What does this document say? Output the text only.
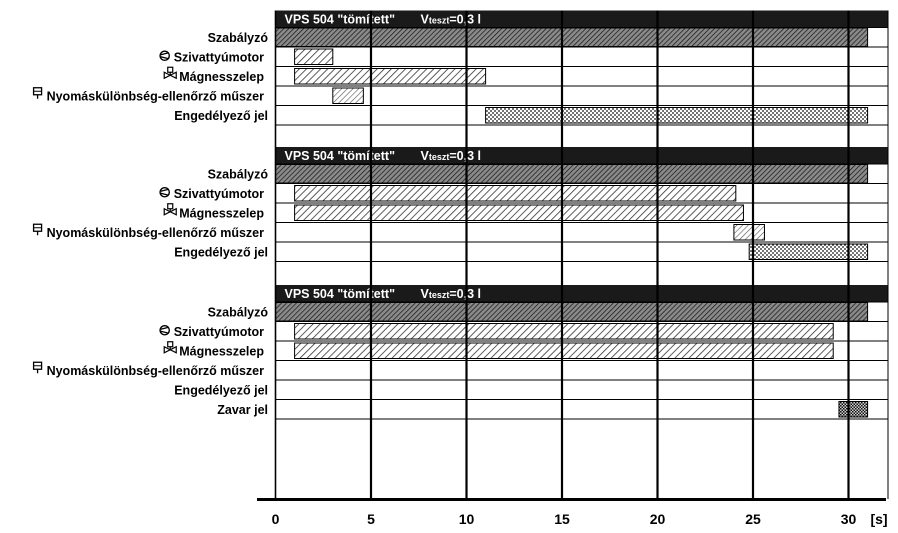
VPS 504 "tömített" Vteszt=0,3 l
VPS 504 "tömített" Vteszt=0,3 l
VPS 504 "tömített" Vteszt=0,3 l
Szabályzó
Szivattyúmotor
Mágnesszelep
Nyomáskülönbség-ellenőrző műszer
Engedélyező jel
Szabályzó
Szivattyúmotor
Mágnesszelep
Nyomáskülönbség-ellenőrző műszer
Engedélyező jel
Szabályzó
Szivattyúmotor
Mágnesszelep
Nyomáskülönbség-ellenőrző műszer
Engedélyező jel
Zavar jel
0	5	10	15	20	25	30 [s]
